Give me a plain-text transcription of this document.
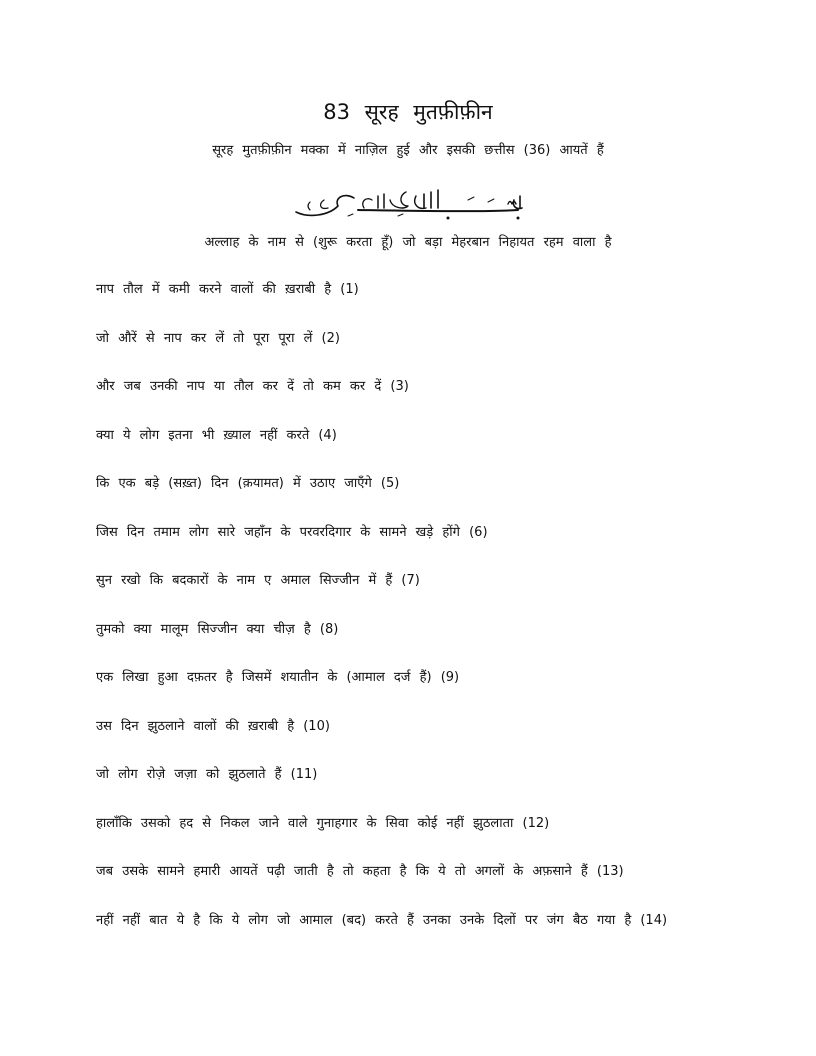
83 सूरह मुतफ़ीफ़ीन

सूरह मुतफ़ीफ़ीन मक्का में नाज़िल हुई और इसकी छत्तीस (36) आयतें हैं

अल्लाह के नाम से (शुरू करता हूँ) जो बड़ा मेहरबान निहायत रहम वाला है

नाप तौल में कमी करने वालों की ख़राबी है (1)
जो औरें से नाप कर लें तो पूरा पूरा लें (2)
और जब उनकी नाप या तौल कर दें तो कम कर दें (3)
क्या ये लोग इतना भी ख़्याल नहीं करते (4)
कि एक बड़े (सख़्त) दिन (क़यामत) में उठाए जाएँगे (5)
जिस दिन तमाम लोग सारे जहाँन के परवरदिगार के सामने खड़े होंगे (6)
सुन रखो कि बदकारों के नाम ए अमाल सिज्जीन में हैं (7)
तुमको क्या मालूम सिज्जीन क्या चीज़ है (8)
एक लिखा हुआ दफ़तर है जिसमें शयातीन के (आमाल दर्ज हैं) (9)
उस दिन झुठलाने वालों की ख़राबी है (10)
जो लोग रोज़े जज़ा को झुठलाते हैं (11)
हालाँकि उसको हद से निकल जाने वाले गुनाहगार के सिवा कोई नहीं झुठलाता (12)
जब उसके सामने हमारी आयतें पढ़ी जाती है तो कहता है कि ये तो अगलों के अफ़साने हैं (13)
नहीं नहीं बात ये है कि ये लोग जो आमाल (बद) करते हैं उनका उनके दिलों पर जंग बैठ गया है (14)
